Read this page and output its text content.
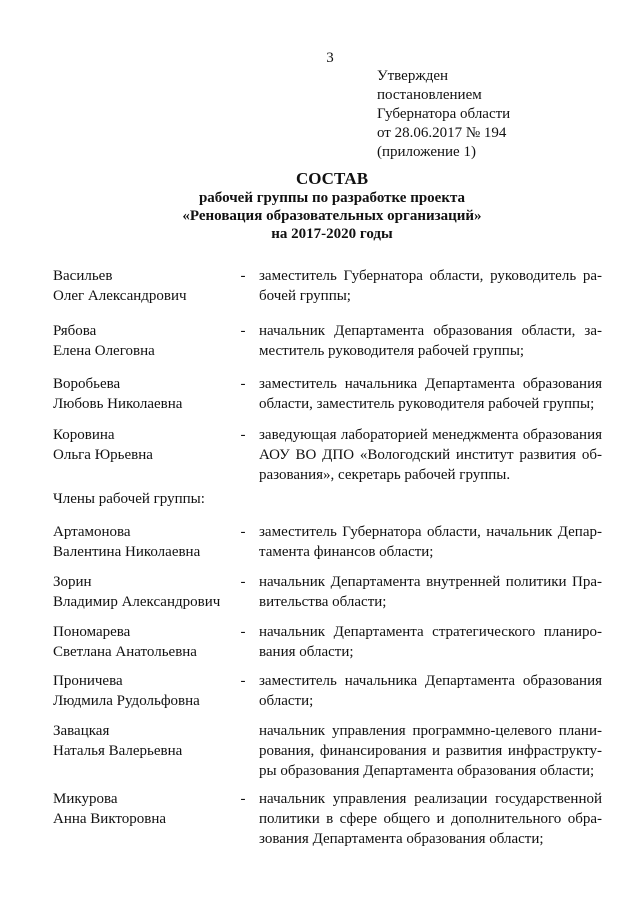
3
Утвержден
постановлением
Губернатора области
от 28.06.2017 № 194
(приложение 1)
СОСТАВ
рабочей группы по разработке проекта
«Реновация образовательных организаций»
на 2017-2020 годы
Васильев
Олег Александрович
- заместитель Губернатора области, руководитель рабочей группы;
Рябова
Елена Олеговна
- начальник Департамента образования области, заместитель руководителя рабочей группы;
Воробьева
Любовь Николаевна
- заместитель начальника Департамента образования области, заместитель руководителя рабочей группы;
Коровина
Ольга Юрьевна
- заведующая лабораторией менеджмента образования АОУ ВО ДПО «Вологодский институт развития образования», секретарь рабочей группы.
Члены рабочей группы:
Артамонова
Валентина Николаевна
- заместитель Губернатора области, начальник Департамента финансов области;
Зорин
Владимир Александрович
- начальник Департамента внутренней политики Правительства области;
Пономарева
Светлана Анатольевна
- начальник Департамента стратегического планирования области;
Проничева
Людмила Рудольфовна
- заместитель начальника Департамента образования области;
Завацкая
Наталья Валерьевна
начальник управления программно-целевого планирования, финансирования и развития инфраструктуры образования Департамента образования области;
Микурова
Анна Викторовна
- начальник управления реализации государственной политики в сфере общего и дополнительного образования Департамента образования области;
